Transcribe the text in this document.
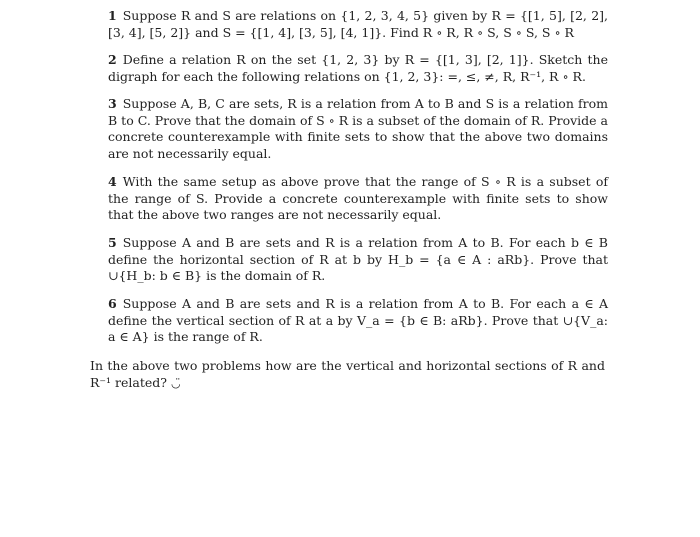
1 Suppose R and S are relations on {1, 2, 3, 4, 5} given by R = {[1, 5], [2, 2], [3, 4], [5, 2]} and S = {[1, 4], [3, 5], [4, 1]}. Find R ∘ R, R ∘ S, S ∘ S, S ∘ R
2 Define a relation R on the set {1, 2, 3} by R = {[1, 3], [2, 1]}. Sketch the digraph for each the following relations on {1, 2, 3}: =, ≤, ≠, R, R⁻¹, R ∘ R.
3 Suppose A, B, C are sets, R is a relation from A to B and S is a relation from B to C. Prove that the domain of S ∘ R is a subset of the domain of R. Provide a concrete counterexample with finite sets to show that the above two domains are not necessarily equal.
4 With the same setup as above prove that the range of S ∘ R is a subset of the range of S. Provide a concrete counterexample with finite sets to show that the above two ranges are not necessarily equal.
5 Suppose A and B are sets and R is a relation from A to B. For each b ∈ B define the horizontal section of R at b by H_b = {a ∈ A : aRb}. Prove that ∪{H_b: b ∈ B} is the domain of R.
6 Suppose A and B are sets and R is a relation from A to B. For each a ∈ A define the vertical section of R at a by V_a = {b ∈ B: aRb}. Prove that ∪{V_a: a ∈ A} is the range of R.
In the above two problems how are the vertical and horizontal sections of R and R⁻¹ related? ◡̈
